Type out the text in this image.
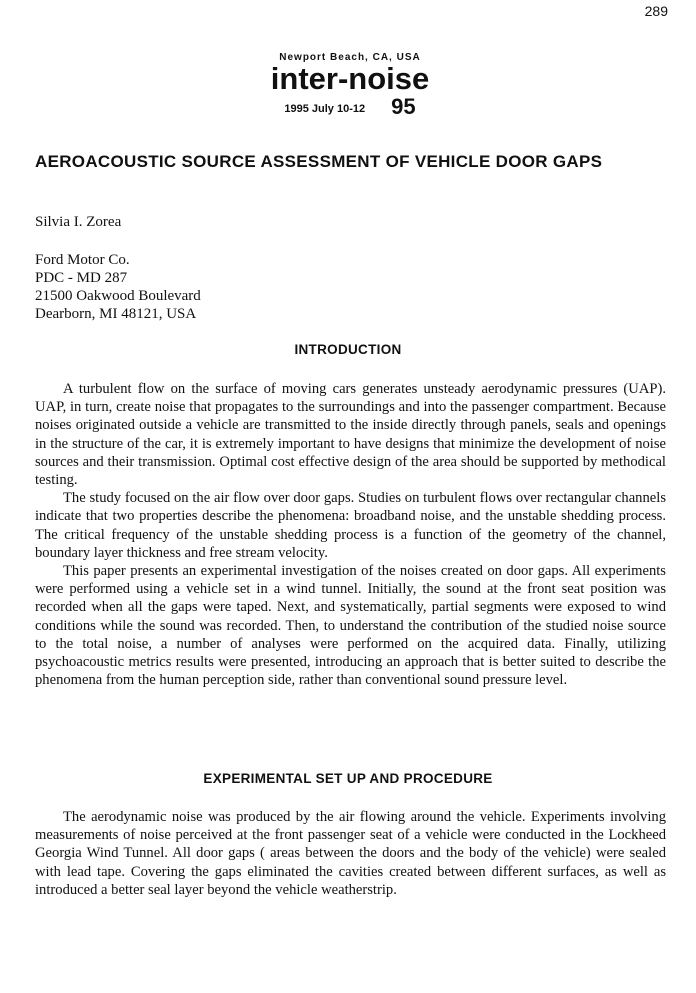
289
Newport Beach, CA, USA
inter-noise
1995 July 10-12 95
AEROACOUSTIC SOURCE ASSESSMENT OF VEHICLE DOOR GAPS
Silvia I. Zorea
Ford Motor Co.
PDC - MD 287
21500 Oakwood Boulevard
Dearborn, MI 48121, USA
INTRODUCTION

A turbulent flow on the surface of moving cars generates unsteady aerodynamic pressures (UAP). UAP, in turn, create noise that propagates to the surroundings and into the passenger compartment. Because noises originated outside a vehicle are transmitted to the inside directly through panels, seals and openings in the structure of the car, it is extremely important to have designs that minimize the development of noise sources and their transmission. Optimal cost effective design of the area should be supported by methodical testing.

The study focused on the air flow over door gaps. Studies on turbulent flows over rectangular channels indicate that two properties describe the phenomena: broadband noise, and the unstable shedding process. The critical frequency of the unstable shedding process is a function of the geometry of the channel, boundary layer thickness and free stream velocity.

This paper presents an experimental investigation of the noises created on door gaps. All experiments were performed using a vehicle set in a wind tunnel. Initially, the sound at the front seat position was recorded when all the gaps were taped. Next, and systematically, partial segments were exposed to wind conditions while the sound was recorded. Then, to understand the contribution of the studied noise source to the total noise, a number of analyses were performed on the acquired data. Finally, utilizing psychoacoustic metrics results were presented, introducing an approach that is better suited to describe the phenomena from the human perception side, rather than conventional sound pressure level.

EXPERIMENTAL SET UP AND PROCEDURE

The aerodynamic noise was produced by the air flowing around the vehicle. Experiments involving measurements of noise perceived at the front passenger seat of a vehicle were conducted in the Lockheed Georgia Wind Tunnel. All door gaps ( areas between the doors and the body of the vehicle) were sealed with lead tape. Covering the gaps eliminated the cavities created between different surfaces, as well as introduced a better seal layer beyond the vehicle weatherstrip.
